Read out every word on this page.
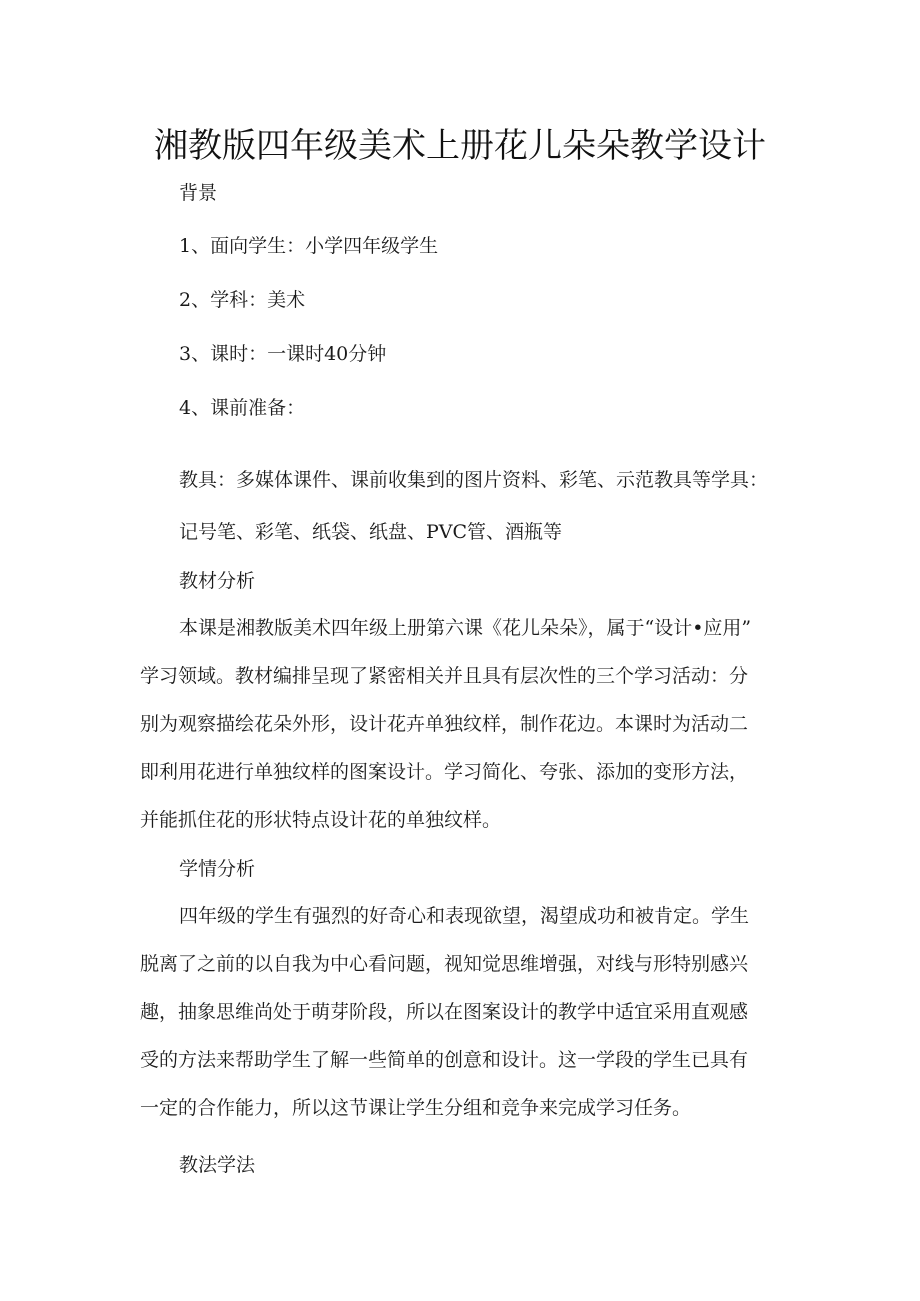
湘教版四年级美术上册花儿朵朵教学设计
背景
1、面向学生：小学四年级学生
2、学科：美术
3、课时：一课时40分钟
4、课前准备：
教具：多媒体课件、课前收集到的图片资料、彩笔、示范教具等学具：
记号笔、彩笔、纸袋、纸盘、PVC管、酒瓶等
教材分析
本课是湘教版美术四年级上册第六课《花儿朵朵》，属于“设计•应用”
学习领域。教材编排呈现了紧密相关并且具有层次性的三个学习活动：分
别为观察描绘花朵外形，设计花卉单独纹样，制作花边。本课时为活动二
即利用花进行单独纹样的图案设计。学习简化、夸张、添加的变形方法，
并能抓住花的形状特点设计花的单独纹样。
学情分析
四年级的学生有强烈的好奇心和表现欲望，渴望成功和被肯定。学生
脱离了之前的以自我为中心看问题，视知觉思维增强，对线与形特别感兴
趣，抽象思维尚处于萌芽阶段，所以在图案设计的教学中适宜采用直观感
受的方法来帮助学生了解一些简单的创意和设计。这一学段的学生已具有
一定的合作能力，所以这节课让学生分组和竞争来完成学习任务。
教法学法
